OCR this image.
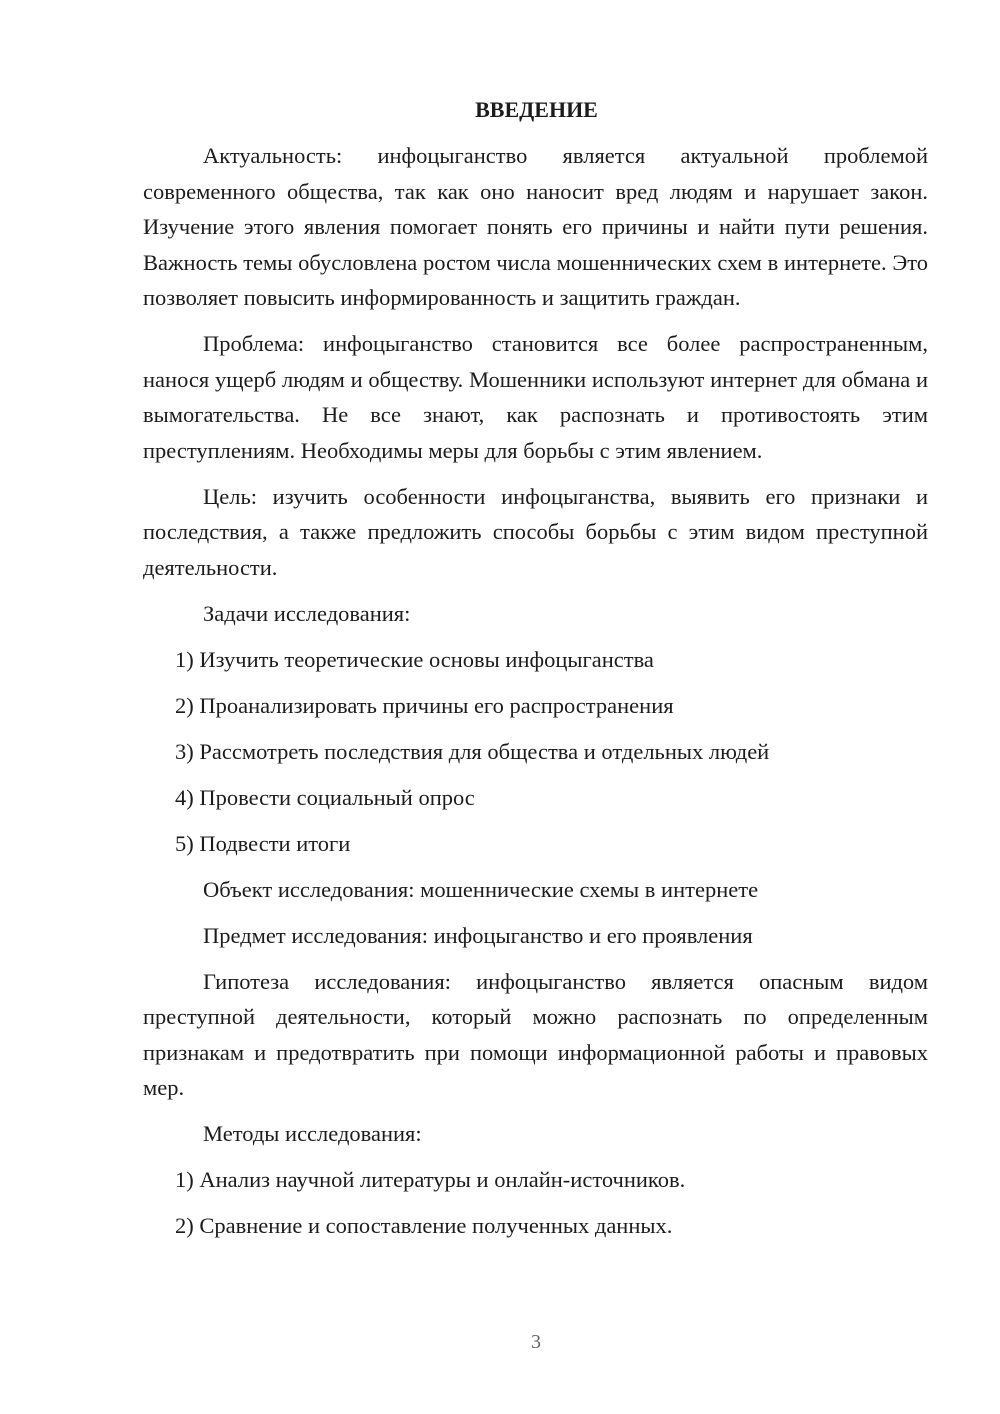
ВВЕДЕНИЕ

Актуальность: инфоцыганство является актуальной проблемой современного общества, так как оно наносит вред людям и нарушает закон. Изучение этого явления помогает понять его причины и найти пути решения. Важность темы обусловлена ростом числа мошеннических схем в интернете. Это позволяет повысить информированность и защитить граждан.

Проблема: инфоцыганство становится все более распространенным, нанося ущерб людям и обществу. Мошенники используют интернет для обмана и вымогательства. Не все знают, как распознать и противостоять этим преступлениям. Необходимы меры для борьбы с этим явлением.

Цель: изучить особенности инфоцыганства, выявить его признаки и последствия, а также предложить способы борьбы с этим видом преступной деятельности.

Задачи исследования:
1) Изучить теоретические основы инфоцыганства
2) Проанализировать причины его распространения
3) Рассмотреть последствия для общества и отдельных людей
4) Провести социальный опрос
5) Подвести итоги
Объект исследования: мошеннические схемы в интернете
Предмет исследования: инфоцыганство и его проявления

Гипотеза исследования: инфоцыганство является опасным видом преступной деятельности, который можно распознать по определенным признакам и предотвратить при помощи информационной работы и правовых мер.

Методы исследования:
1) Анализ научной литературы и онлайн-источников.
2) Сравнение и сопоставление полученных данных.
3
